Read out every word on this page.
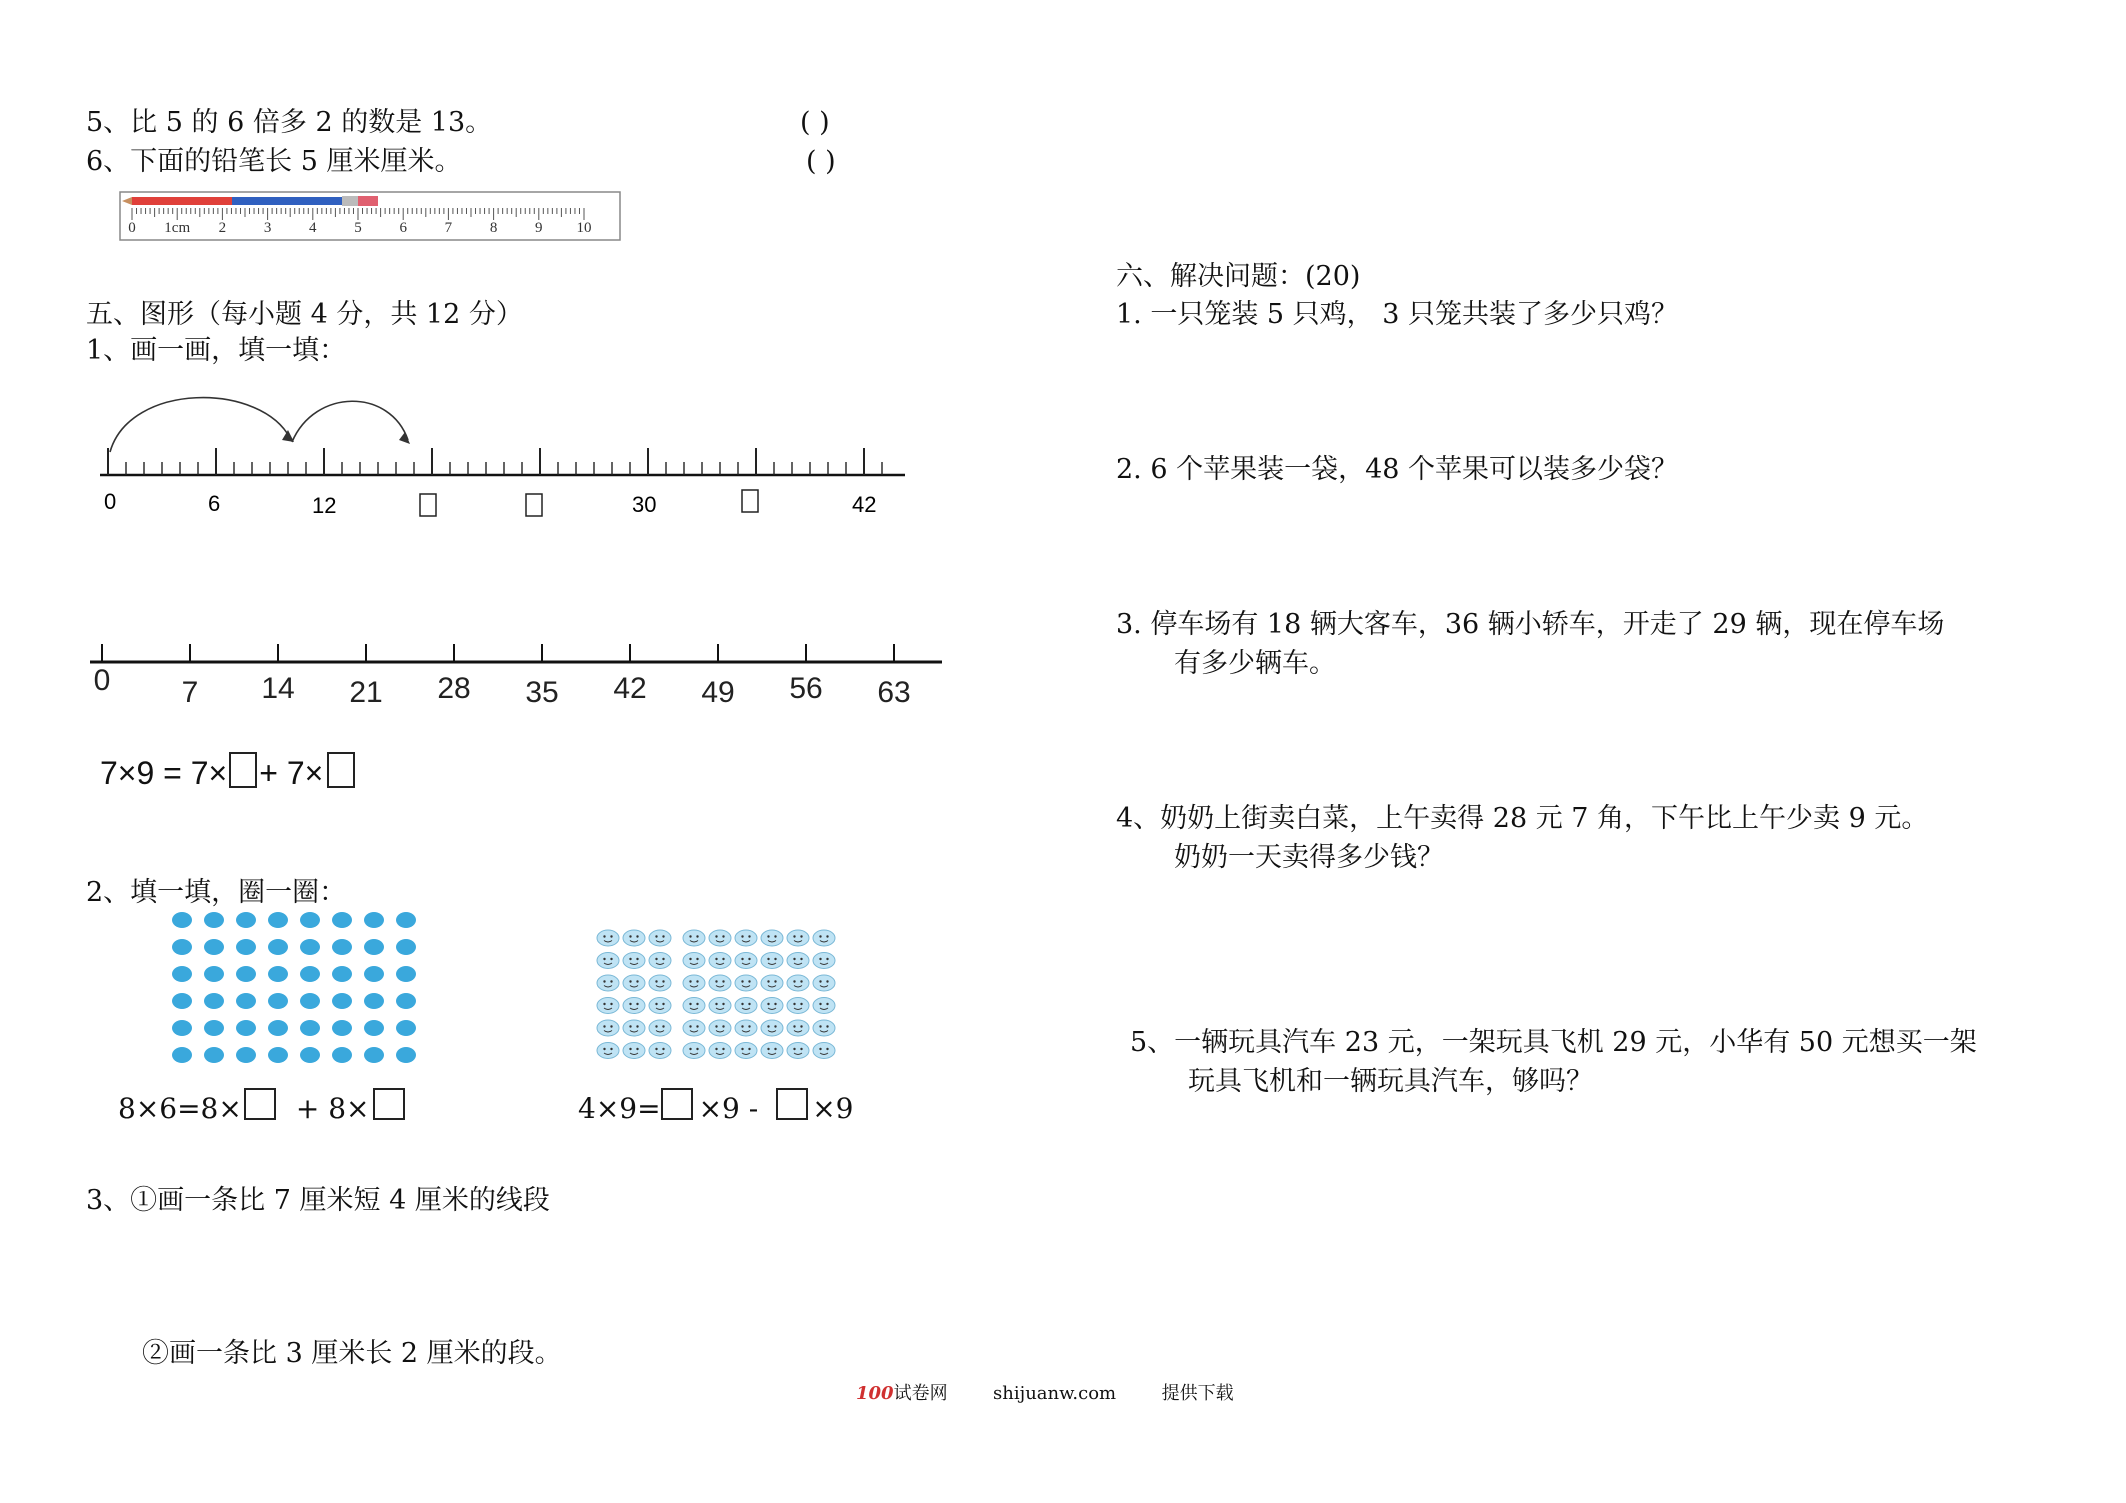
5、比 5 的 6 倍多 2 的数是 13。	( )
6、下面的铅笔长 5 厘米厘米。	( )
0 1cm 2	3	4	5	6	7	8	9 10
五、图形（每小题 4 分，共 12 分）
1、画一画，填一填：
0	6	12	30	42
0 7 14 21 28 35 42 49 56 63
7×9 = 7× + 7×
2、填一填，圈一圈：
8×6=8× + 8×	4×9= ×9 - ×9
3、①画一条比 7 厘米短 4 厘米的线段
②画一条比 3 厘米长 2 厘米的段。
六、解决问题：(20)
1. 一只笼装 5 只鸡， 3 只笼共装了多少只鸡？
2. 6 个苹果装一袋，48 个苹果可以装多少袋？
3. 停车场有 18 辆大客车，36 辆小轿车，开走了 29 辆，现在停车场
有多少辆车。
4、奶奶上街卖白菜，上午卖得 28 元 7 角，下午比上午少卖 9 元。
奶奶一天卖得多少钱？
5、一辆玩具汽车 23 元，一架玩具飞机 29 元，小华有 50 元想买一架
玩具飞机和一辆玩具汽车，够吗？
100试卷网	shijuanw.com	提供下载
